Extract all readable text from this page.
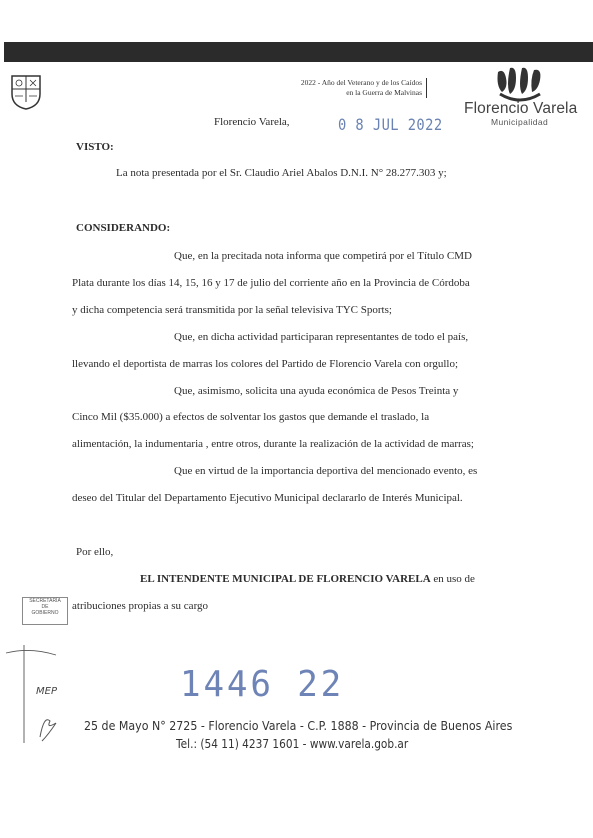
2022 - Año del Veterano y de los Caídos
en la Guerra de Malvinas
Florencio Varela
Municipalidad
Florencio Varela,	0 8 JUL 2022
VISTO:
La nota presentada por el Sr. Claudio Ariel Abalos D.N.I. N° 28.277.303 y;
CONSIDERANDO:
Que, en la precitada nota informa que competirá por el Título CMD
Plata durante los días 14, 15, 16 y 17 de julio del corriente año en la Provincia de Córdoba
y dicha competencia será transmitida por la señal televisiva TYC Sports;
Que, en dicha actividad participaran representantes de todo el país,
llevando el deportista de marras los colores del Partido de Florencio Varela con orgullo;
Que, asimismo, solicita una ayuda económica de Pesos Treinta y
Cinco Mil ($35.000) a efectos de solventar los gastos que demande el traslado, la
alimentación, la indumentaria , entre otros, durante la realización de la actividad de marras;
Que en virtud de la importancia deportiva del mencionado evento, es
deseo del Titular del Departamento Ejecutivo Municipal declararlo de Interés Municipal.
Por ello,
EL INTENDENTE MUNICIPAL DE FLORENCIO VARELA en uso de
atribuciones propias a su cargo
SECRETARÍA
DE
GOBIERNO
MEP	1446 22
25 de Mayo N° 2725 - Florencio Varela - C.P. 1888 - Provincia de Buenos Aires
Tel.: (54 11) 4237 1601 - www.varela.gob.ar
